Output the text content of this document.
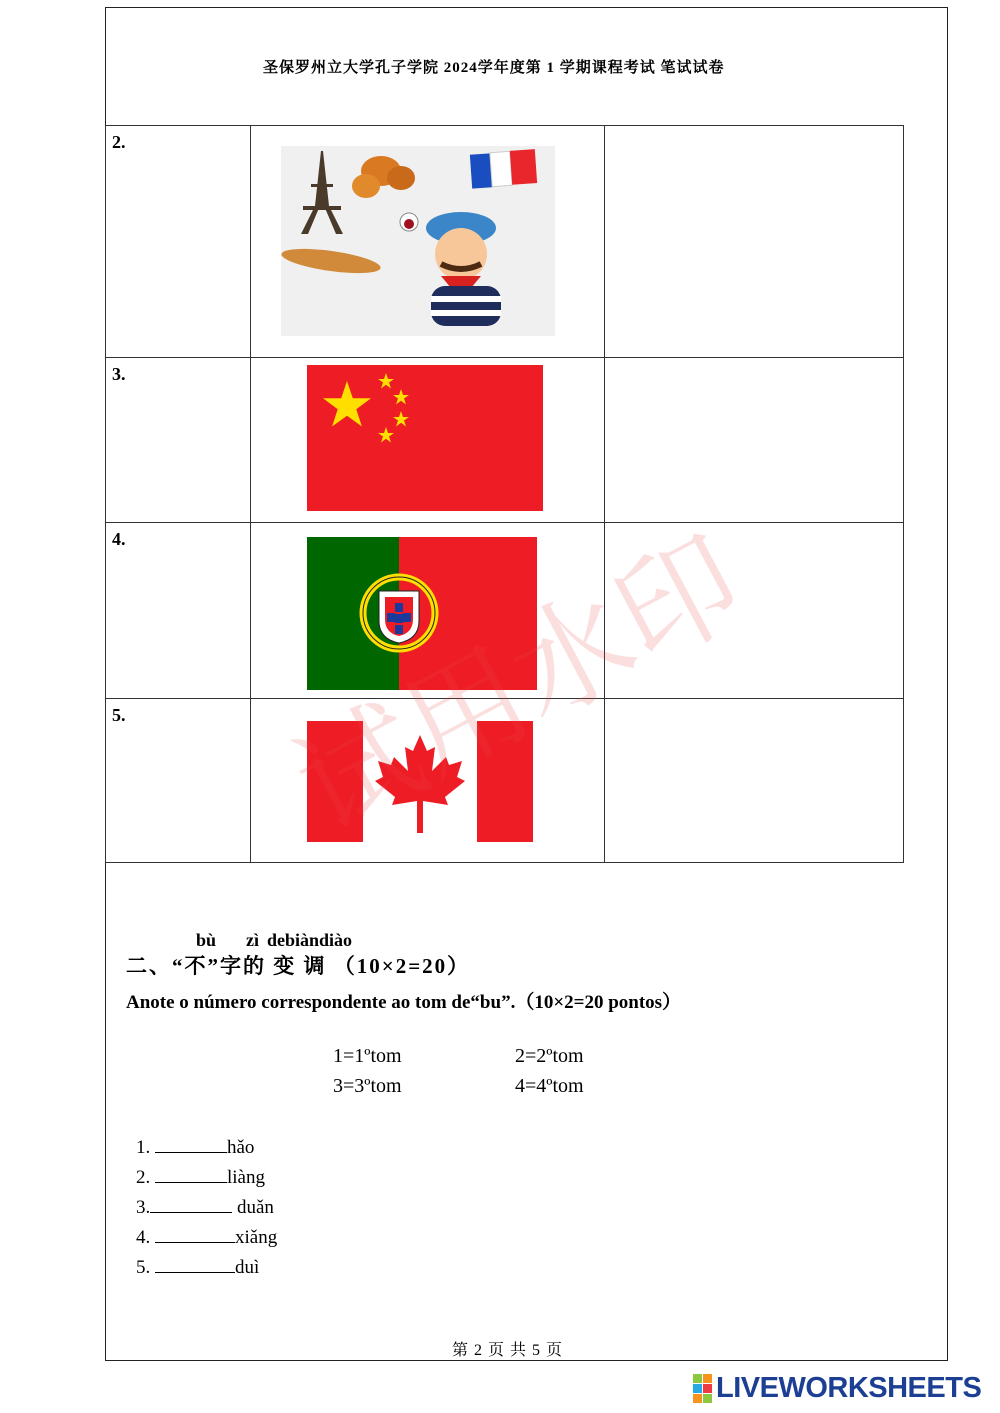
圣保罗州立大学孔子学院 2024学年度第 1 学期课程考试 笔试试卷
2.

3.

4.

5.

bù zì debiàndiào
二、“不”字的 变 调 （10×2=20）
Anote o número correspondente ao tom de“bu”.（10×2=20 pontos）
1=1ºtom	2=2ºtom
3=3ºtom	4=4ºtom
1.	hǎo
2.	liàng
3.	duǎn
4.	xiǎng
5.	duì
第 2 页 共 5 页
LIVEWORKSHEETS
